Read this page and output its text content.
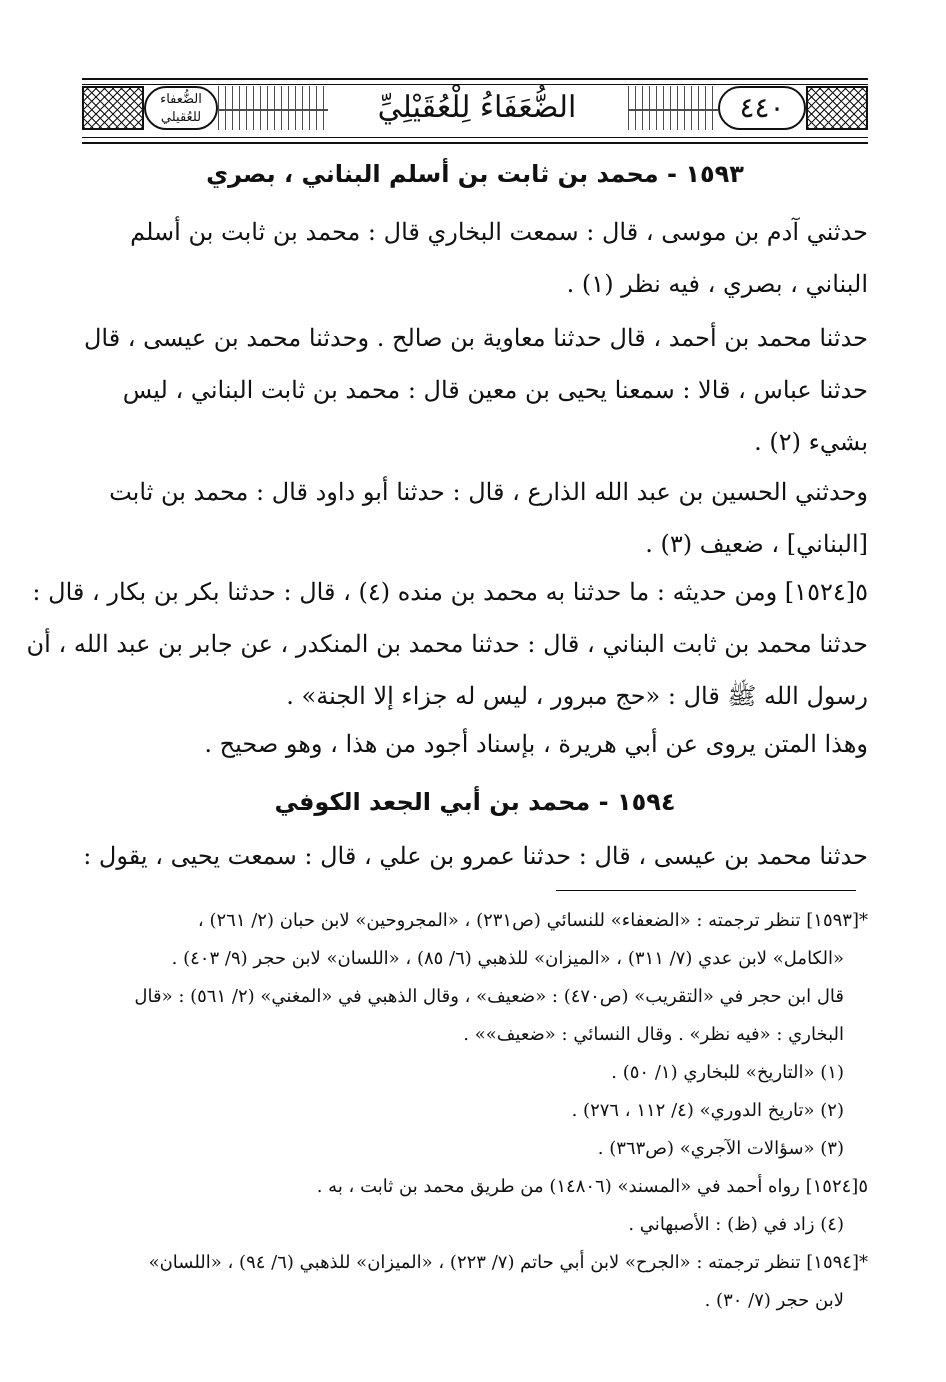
٤٤٠
الضُّعَفَاءُ لِلْعُقَيْلِيِّ
الضُّعفاء للعُقيلي
١٥٩٣ - محمد بن ثابت بن أسلم البناني ، بصري
حدثني آدم بن موسى ، قال : سمعت البخاري قال : محمد بن ثابت بن أسلم
البناني ، بصري ، فيه نظر (١) .
حدثنا محمد بن أحمد ، قال حدثنا معاوية بن صالح . وحدثنا محمد بن عيسى ، قال
حدثنا عباس ، قالا : سمعنا يحيى بن معين قال : محمد بن ثابت البناني ، ليس
بشيء (٢) .
وحدثني الحسين بن عبد الله الذارع ، قال : حدثنا أبو داود قال : محمد بن ثابت
[البناني] ، ضعيف (٣) .
٥[١٥٢٤] ومن حديثه : ما حدثنا به محمد بن منده (٤) ، قال : حدثنا بكر بن بكار ، قال :
حدثنا محمد بن ثابت البناني ، قال : حدثنا محمد بن المنكدر ، عن جابر بن عبد الله ، أن
رسول الله ﷺ قال : «حج مبرور ، ليس له جزاء إلا الجنة» .
وهذا المتن يروى عن أبي هريرة ، بإسناد أجود من هذا ، وهو صحيح .
١٥٩٤ - محمد بن أبي الجعد الكوفي
حدثنا محمد بن عيسى ، قال : حدثنا عمرو بن علي ، قال : سمعت يحيى ، يقول :
*[١٥٩٣] تنظر ترجمته : «الضعفاء» للنسائي (ص٢٣١) ، «المجروحين» لابن حبان (٢/ ٢٦١) ،
«الكامل» لابن عدي (٧/ ٣١١) ، «الميزان» للذهبي (٦/ ٨٥) ، «اللسان» لابن حجر (٩/ ٤٠٣) .
قال ابن حجر في «التقريب» (ص٤٧٠) : «ضعيف» ، وقال الذهبي في «المغني» (٢/ ٥٦١) : «قال
البخاري : «فيه نظر» . وقال النسائي : «ضعيف»» .
(١) «التاريخ» للبخاري (١/ ٥٠) .
(٢) «تاريخ الدوري» (٤/ ١١٢ ، ٢٧٦) .
(٣) «سؤالات الآجري» (ص٣٦٣) .
٥[١٥٢٤] رواه أحمد في «المسند» (١٤٨٠٦) من طريق محمد بن ثابت ، به .
(٤) زاد في (ظ) : الأصبهاني .
*[١٥٩٤] تنظر ترجمته : «الجرح» لابن أبي حاتم (٧/ ٢٢٣) ، «الميزان» للذهبي (٦/ ٩٤) ، «اللسان»
لابن حجر (٧/ ٣٠) .
